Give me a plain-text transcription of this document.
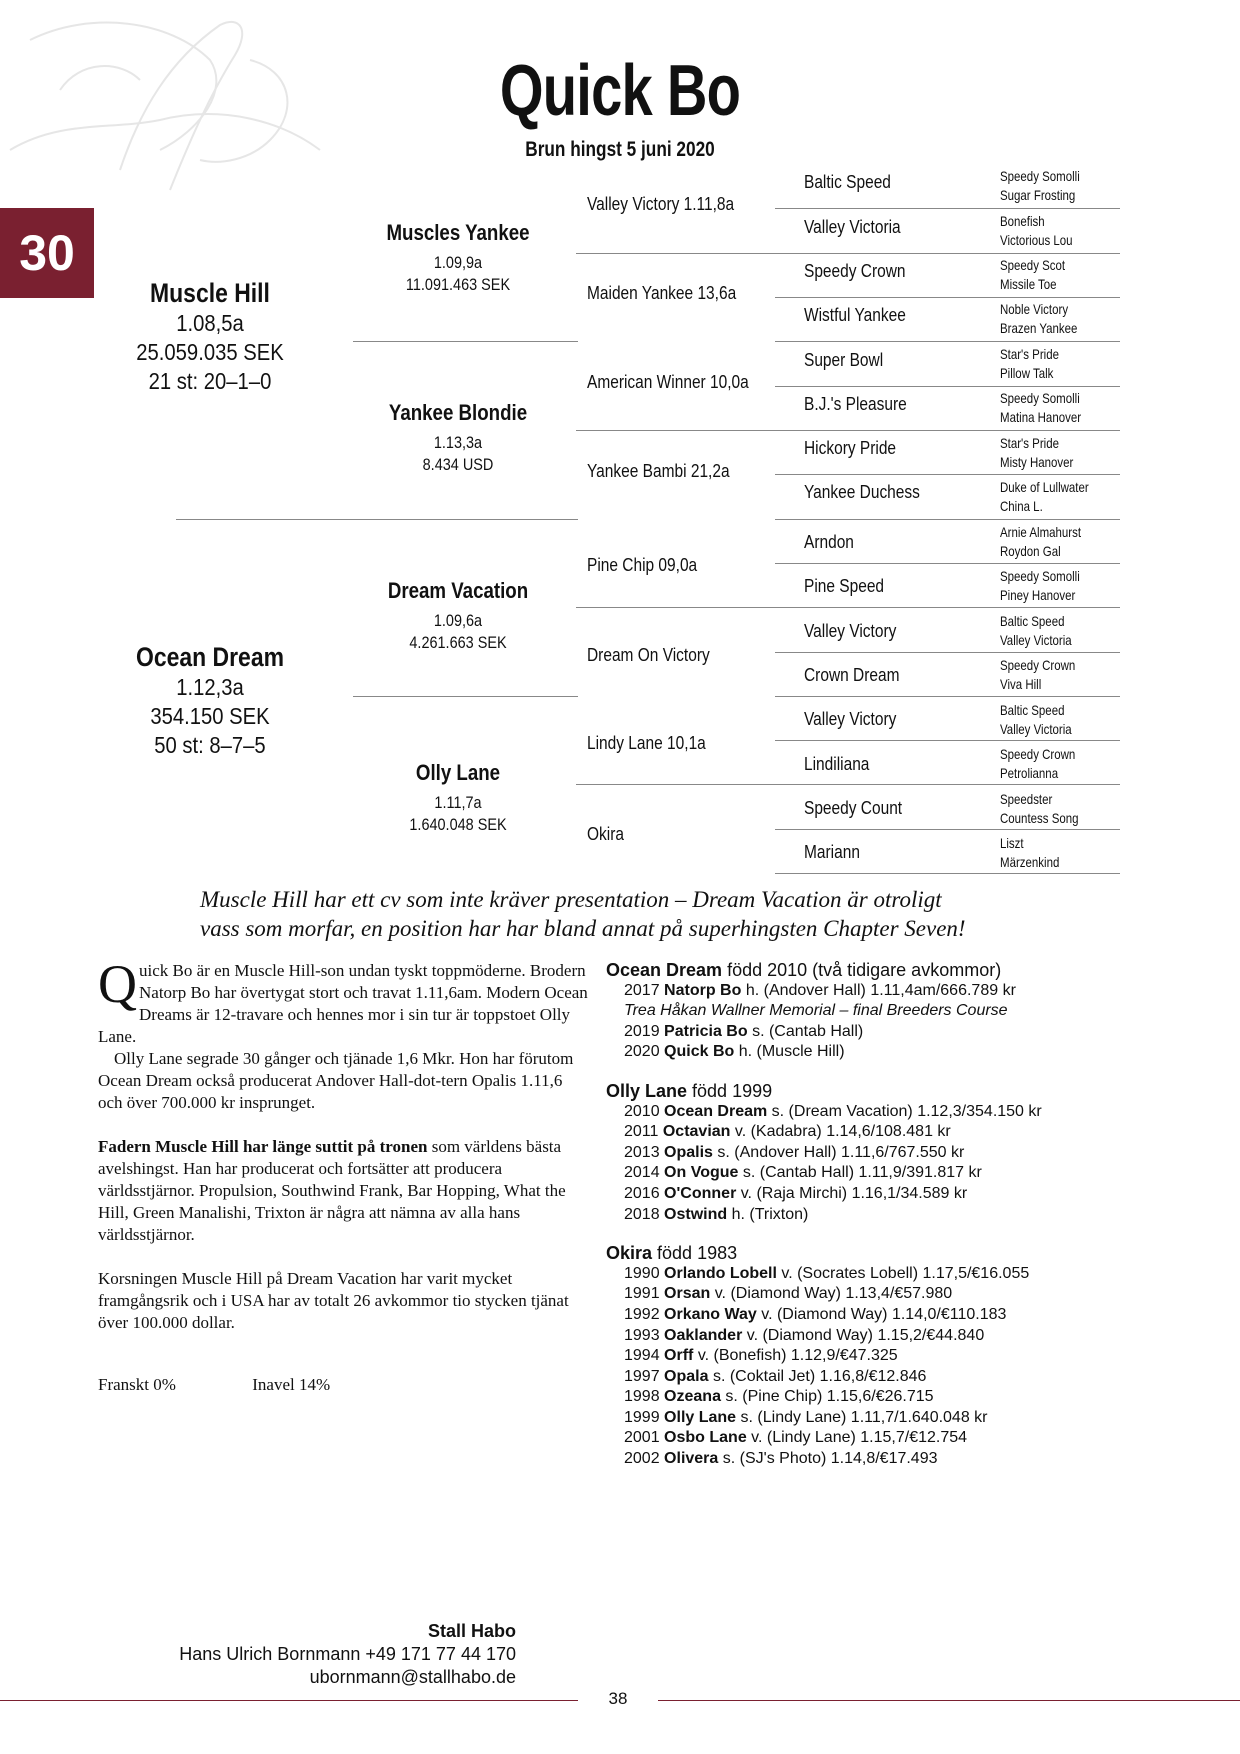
Quick Bo
Brun hingst 5 juni 2020
30
Muscle Hill
1.08,5a
25.059.035 SEK
21 st: 20–1–0
Ocean Dream
1.12,3a
354.150 SEK
50 st: 8–7–5
Muscles Yankee
1.09,9a
11.091.463 SEK
Yankee Blondie
1.13,3a
8.434 USD
Dream Vacation
1.09,6a
4.261.663 SEK
Olly Lane
1.11,7a
1.640.048 SEK
Valley Victory 1.11,8a
Maiden Yankee 13,6a
American Winner 10,0a
Yankee Bambi 21,2a
Pine Chip 09,0a
Dream On Victory
Lindy Lane 10,1a
Okira
Baltic Speed
Valley Victoria
Speedy Crown
Wistful Yankee
Super Bowl
B.J.'s Pleasure
Hickory Pride
Yankee Duchess
Arndon
Pine Speed
Valley Victory
Crown Dream
Valley Victory
Lindiliana
Speedy Count
Mariann
Speedy Somolli
Sugar Frosting
Bonefish
Victorious Lou
Speedy Scot
Missile Toe
Noble Victory
Brazen Yankee
Star's Pride
Pillow Talk
Speedy Somolli
Matina Hanover
Star's Pride
Misty Hanover
Duke of Lullwater
China L.
Arnie Almahurst
Roydon Gal
Speedy Somolli
Piney Hanover
Baltic Speed
Valley Victoria
Speedy Crown
Viva Hill
Baltic Speed
Valley Victoria
Speedy Crown
Petrolianna
Speedster
Countess Song
Liszt
Märzenkind
Muscle Hill har ett cv som inte kräver presentation – Dream Vacation är otroligt
vass som morfar, en position har har bland annat på superhingsten Chapter Seven!

Quick Bo är en Muscle Hill-son undan tyskt toppmöderne. Brodern Natorp Bo har övertygat stort och travat 1.11,6am. Modern Ocean Dreams är 12-travare och hennes mor i sin tur är toppstoet Olly Lane.

Olly Lane segrade 30 gånger och tjänade 1,6 Mkr. Hon har förutom Ocean Dream också producerat Andover Hall-dot-tern Opalis 1.11,6 och över 700.000 kr insprunget.

Fadern Muscle Hill har länge suttit på tronen som världens bästa avelshingst. Han har producerat och fortsätter att producera världsstjärnor. Propulsion, Southwind Frank, Bar Hopping, What the Hill, Green Manalishi, Trixton är några att nämna av alla hans världsstjärnor.

Korsningen Muscle Hill på Dream Vacation har varit mycket framgångsrik och i USA har av totalt 26 avkommor tio stycken tjänat över 100.000 dollar.

Franskt 0%	Inavel 14%

Ocean Dream född 2010 (två tidigare avkommor)

2017 Natorp Bo h. (Andover Hall) 1.11,4am/666.789 kr
Trea Håkan Wallner Memorial – final Breeders Course
2019 Patricia Bo s. (Cantab Hall)
2020 Quick Bo h. (Muscle Hill)

Olly Lane född 1999

2010 Ocean Dream s. (Dream Vacation) 1.12,3/354.150 kr
2011 Octavian v. (Kadabra) 1.14,6/108.481 kr
2013 Opalis s. (Andover Hall) 1.11,6/767.550 kr
2014 On Vogue s. (Cantab Hall) 1.11,9/391.817 kr
2016 O'Conner v. (Raja Mirchi) 1.16,1/34.589 kr
2018 Ostwind h. (Trixton)

Okira född 1983

1990 Orlando Lobell v. (Socrates Lobell) 1.17,5/€16.055
1991 Orsan v. (Diamond Way) 1.13,4/€57.980
1992 Orkano Way v. (Diamond Way) 1.14,0/€110.183
1993 Oaklander v. (Diamond Way) 1.15,2/€44.840
1994 Orff v. (Bonefish) 1.12,9/€47.325
1997 Opala s. (Coktail Jet) 1.16,8/€12.846
1998 Ozeana s. (Pine Chip) 1.15,6/€26.715
1999 Olly Lane s. (Lindy Lane) 1.11,7/1.640.048 kr
2001 Osbo Lane v. (Lindy Lane) 1.15,7/€12.754
2002 Olivera s. (SJ's Photo) 1.14,8/€17.493
Stall Habo
Hans Ulrich Bornmann +49 171 77 44 170
ubornmann@stallhabo.de
38
